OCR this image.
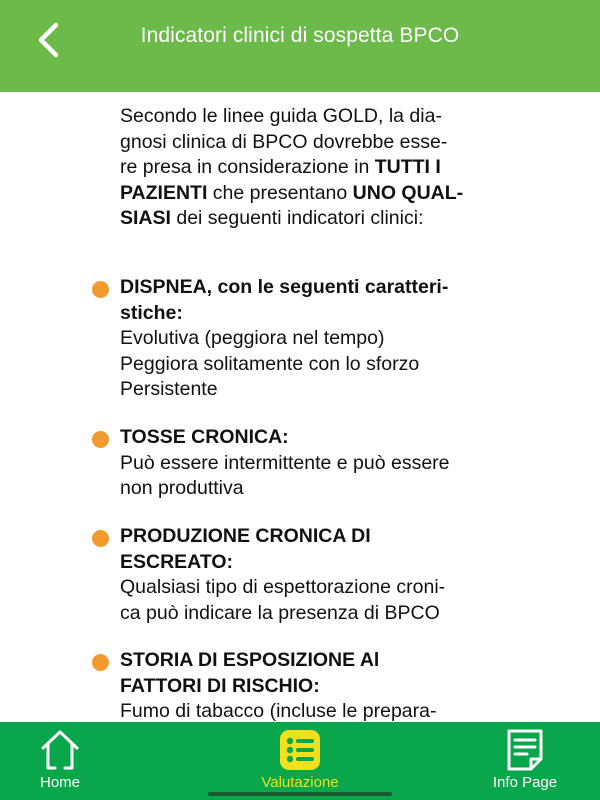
Indicatori clinici di sospetta BPCO
Secondo le linee guida GOLD, la dia-
gnosi clinica di BPCO dovrebbe esse-
re presa in considerazione in TUTTI I
PAZIENTI che presentano UNO QUAL-
SIASI dei seguenti indicatori clinici:
DISPNEA, con le seguenti caratteri-
stiche:
Evolutiva (peggiora nel tempo)
Peggiora solitamente con lo sforzo
Persistente
TOSSE CRONICA:
Può essere intermittente e può essere
non produttiva
PRODUZIONE CRONICA DI
ESCREATO:
Qualsiasi tipo di espettorazione croni-
ca può indicare la presenza di BPCO
STORIA DI ESPOSIZIONE Al
FATTORI DI RISCHIO:
Fumo di tabacco (incluse le prepara-
Home	Valutazione	Info Page
